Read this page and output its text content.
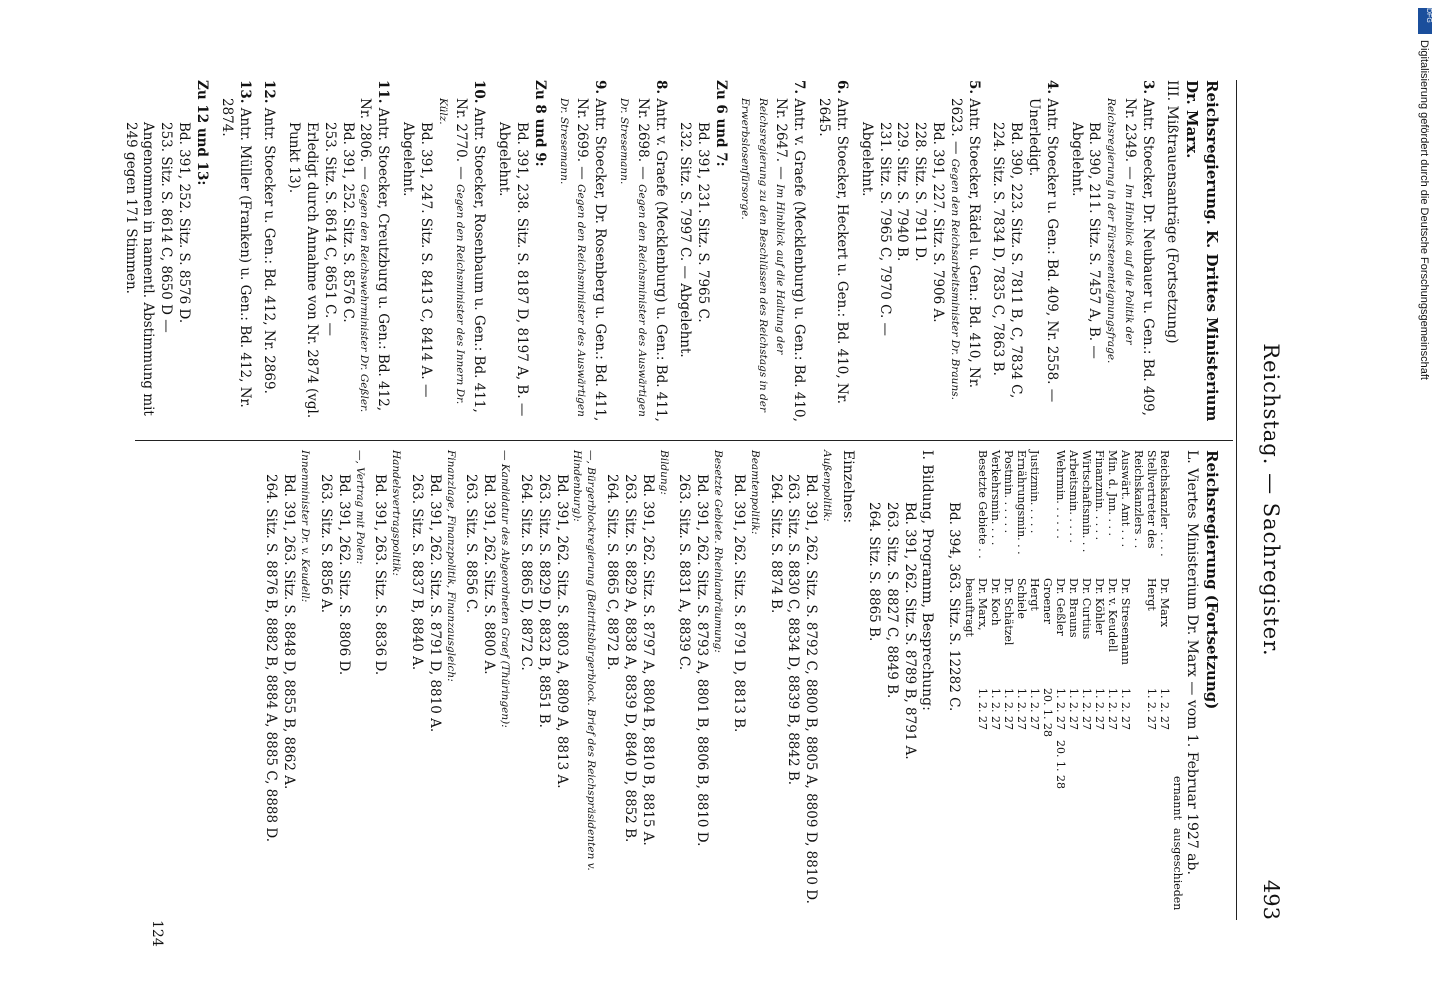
Reichstag. — Sachregister.
493
Reichsregierung. K. Drittes Ministerium Dr. Marx.
III. Mißtrauensanträge (Fortsetzung)
3. Antr. Stoecker, Dr. Neubauer u. Gen.: Bd. 409, Nr. 2349. — Im Hinblick auf die Politik der Reichsregierung in der Fürstenenteignungsfrage.
Bd. 390, 211. Sitz. S. 7457 A, B. — Abgelehnt.
4. Antr. Stoecker u. Gen.: Bd. 409, Nr. 2558. — Unerledigt.
Bd. 390, 223. Sitz. S. 7811 B, C, 7834 C,
224. Sitz. S. 7834 D, 7835 C, 7863 B.
5. Antr. Stoecker, Rädel u. Gen.: Bd. 410, Nr. 2623. — Gegen den Reichsarbeitsminister Dr. Brauns.
Bd. 391, 227. Sitz. S. 7906 A.
228. Sitz. S. 7911 D.
229. Sitz. S. 7940 B.
231. Sitz. S. 7965 C, 7970 C. —
Abgelehnt.
6. Antr. Stoecker, Heckert u. Gen.: Bd. 410, Nr. 2645.
7. Antr. v. Graefe (Mecklenburg) u. Gen.: Bd. 410, Nr. 2647. — Im Hinblick auf die Haltung der Reichsregierung zu den Beschlüssen des Reichstags in der Erwerbslosenfürsorge.
Zu 6 und 7:
Bd. 391, 231. Sitz. S. 7965 C.
232. Sitz. S. 7997 C. — Abgelehnt.
8. Antr. v. Graefe (Mecklenburg) u. Gen.: Bd. 411, Nr. 2698. — Gegen den Reichsminister des Auswärtigen Dr. Stresemann.
9. Antr. Stoecker, Dr. Rosenberg u. Gen.: Bd. 411, Nr. 2699. — Gegen den Reichsminister des Auswärtigen Dr. Stresemann.
Zu 8 und 9:
Bd. 391, 238. Sitz. S. 8187 D, 8197 A, B. —
Abgelehnt.
10. Antr. Stoecker, Rosenbaum u. Gen.: Bd. 411, Nr. 2770. — Gegen den Reichsminister des Innern Dr. Külz.
Bd. 391, 247. Sitz. S. 8413 C, 8414 A. —
Abgelehnt.
11. Antr. Stoecker, Creutzburg u. Gen.: Bd. 412, Nr. 2806. — Gegen den Reichswehrminister Dr. Geßler.
Bd. 391, 252. Sitz. S. 8576 C.
253. Sitz. S. 8614 C, 8651 C. —
Erledigt durch Annahme von Nr. 2874 (vgl. Punkt 13).
12. Antr. Stoecker u. Gen.: Bd. 412, Nr. 2869.
13. Antr. Müller (Franken) u. Gen.: Bd. 412, Nr. 2874.
Zu 12 und 13:
Bd. 391, 252. Sitz. S. 8576 D.
253. Sitz. S. 8614 C, 8650 D —
Angenommen in namentl. Abstimmung mit 249 gegen 171 Stimmen.
Reichsregierung (Fortsetzung)
L. Viertes Ministerium Dr. Marx — vom 1. Februar 1927 ab.
ernannt
ausgeschieden
Reichskanzler . . . .
Dr. Marx
1. 2. 27
Stellvertreter des Reichskanzlers . .
Hergt
1. 2. 27
Auswärt. Amt . . .
Dr. Stresemann
1. 2. 27
Min. d. Jnn. . . .
Dr. v. Keudell
1. 2. 27
Finanzmin. . . . .
Dr. Köhler
1. 2. 27
Wirtschaftsmin. . .
Dr. Curtius
1. 2. 27
Arbeitsmin. . . . .
Dr. Brauns
1. 2. 27
Wehrmin. . . . . .
Dr. Geßler
1. 2. 27
20. 1. 28
Groener
20. 1. 28
Justizmin. . . . .
Hergt
1. 2. 27
Ernährungsmin. . .
Schiele
1. 2. 27
Postmin. . . . . .
Dr. Schätzel
1. 2. 27
Verkehrsmin. . . .
Dr. Koch
1. 2. 27
Besetzte Gebiete . .
Dr. Marx, beauftragt
1. 2. 27
Bd. 394, 363. Sitz. S. 12282 C.
I. Bildung, Programm, Besprechung:
Bd. 391, 262. Sitz. S. 8789 B, 8791 A.
263. Sitz. S. 8827 C, 8849 B.
264. Sitz. S. 8865 B.
Einzelnes:
Außenpolitik:
Bd. 391, 262. Sitz. S. 8792 C, 8800 B, 8805 A, 8809 D, 8810 D.
263. Sitz. S. 8830 C, 8834 D, 8839 B, 8842 B.
264. Sitz. S. 8874 B.
Beamtenpolitik:
Bd. 391, 262. Sitz. S. 8791 D, 8813 B.
Besetzte Gebiete. Rheinlandräumung:
Bd. 391, 262. Sitz. S. 8793 A, 8801 B, 8806 B, 8810 D.
263. Sitz. S. 8831 A, 8839 C.
Bildung:
Bd. 391, 262. Sitz. S. 8797 A, 8804 B, 8810 B, 8815 A.
263. Sitz. S. 8829 A, 8838 A, 8839 D, 8840 D, 8852 B.
264. Sitz. S. 8865 C, 8872 B.
—, Bürgerblockregierung (Beitrittsbürgerblock. Brief des Reichspräsidenten v. Hindenburg):
Bd. 391, 262. Sitz. S. 8803 A, 8809 A, 8813 A.
263. Sitz. S. 8829 D, 8832 B, 8851 B.
264. Sitz. S. 8865 D, 8872 C.
— Kandidatur des Abgeordneten Graef (Thüringen):
Bd. 391, 262. Sitz. S. 8800 A.
263. Sitz. S. 8856 C.
Finanzlage, Finanzpolitik, Finanzausgleich:
Bd. 391, 262. Sitz. S. 8791 D, 8810 A.
263. Sitz. S. 8837 B, 8840 A.
Handelsvertragspolitik:
Bd. 391, 263. Sitz. S. 8836 D.
—, Vertrag mit Polen:
Bd. 391, 262. Sitz. S. 8806 D.
263. Sitz. S. 8856 A.
Innenminister Dr. v. Keudell:
Bd. 391, 263. Sitz. S. 8848 D, 8855 B, 8862 A.
264. Sitz. S. 8876 B, 8882 B, 8884 A, 8885 C, 8888 D.
124
DFG
Digitalisierung gefördert durch die Deutsche Forschungsgemeinschaft
